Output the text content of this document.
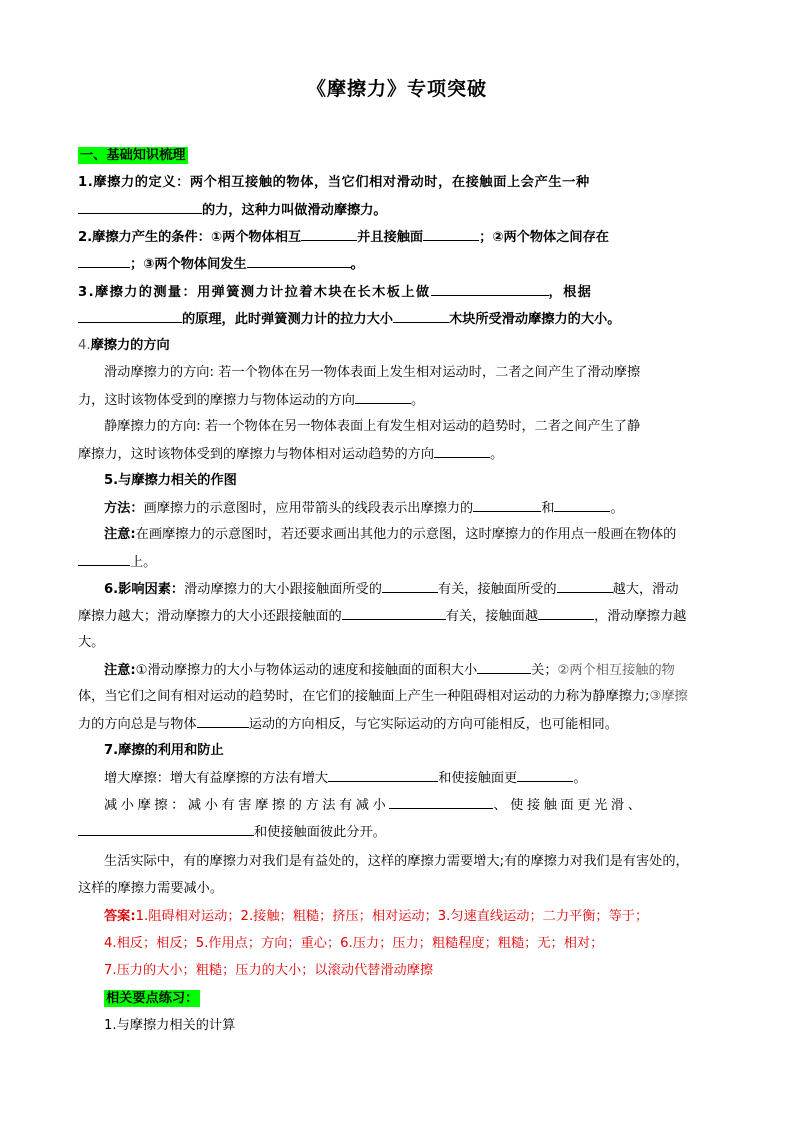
《摩擦力》专项突破
一、基础知识梳理
1.摩擦力的定义：两个相互接触的物体，当它们相对滑动时，在接触面上会产生一种
的力，这种力叫做滑动摩擦力。
2.摩擦力产生的条件：①两个物体相互	并且接触面	；②两个物体之间存在
；③两个物体间发生	。
3.摩擦力的测量：用弹簧测力计拉着木块在长木板上做	，根据
的原理，此时弹簧测力计的拉力大小	木块所受滑动摩擦力的大小。
4.摩擦力的方向
滑动摩擦力的方向: 若一个物体在另一物体表面上发生相对运动时，二者之间产生了滑动摩擦
力，这时该物体受到的摩擦力与物体运动的方向	。
静摩擦力的方向: 若一个物体在另一物体表面上有发生相对运动的趋势时，二者之间产生了静
摩擦力，这时该物体受到的摩擦力与物体相对运动趋势的方向	。
5.与摩擦力相关的作图
方法：画摩擦力的示意图时，应用带箭头的线段表示出摩擦力的	和	。
注意:在画摩擦力的示意图时，若还要求画出其他力的示意图，这时摩擦力的作用点一般画在物体的
上。
6.影响因素：滑动摩擦力的大小跟接触面所受的	有关，接触面所受的	越大，滑动
摩擦力越大；滑动摩擦力的大小还跟接触面的	有关，接触面越	，滑动摩擦力越
大。
注意:①滑动摩擦力的大小与物体运动的速度和接触面的面积大小	关；②两个相互接触的物
体，当它们之间有相对运动的趋势时，在它们的接触面上产生一种阻碍相对运动的力称为静摩擦力;③摩擦
力的方向总是与物体	运动的方向相反，与它实际运动的方向可能相反，也可能相同。
7.摩擦的利用和防止
增大摩擦：增大有益摩擦的方法有增大	和使接触面更	。
减小摩擦：减小有害摩擦的方法有减小	、使接触面更光滑、
和使接触面彼此分开。
生活实际中，有的摩擦力对我们是有益处的，这样的摩擦力需要增大;有的摩擦力对我们是有害处的，
这样的摩擦力需要减小。
答案:1.阻碍相对运动；2.接触；粗糙；挤压；相对运动；3.匀速直线运动；二力平衡；等于；
4.相反；相反；5.作用点；方向；重心；6.压力；压力；粗糙程度；粗糙；无；相对；
7.压力的大小；粗糙；压力的大小；以滚动代替滑动摩擦
相关要点练习：
1.与摩擦力相关的计算
